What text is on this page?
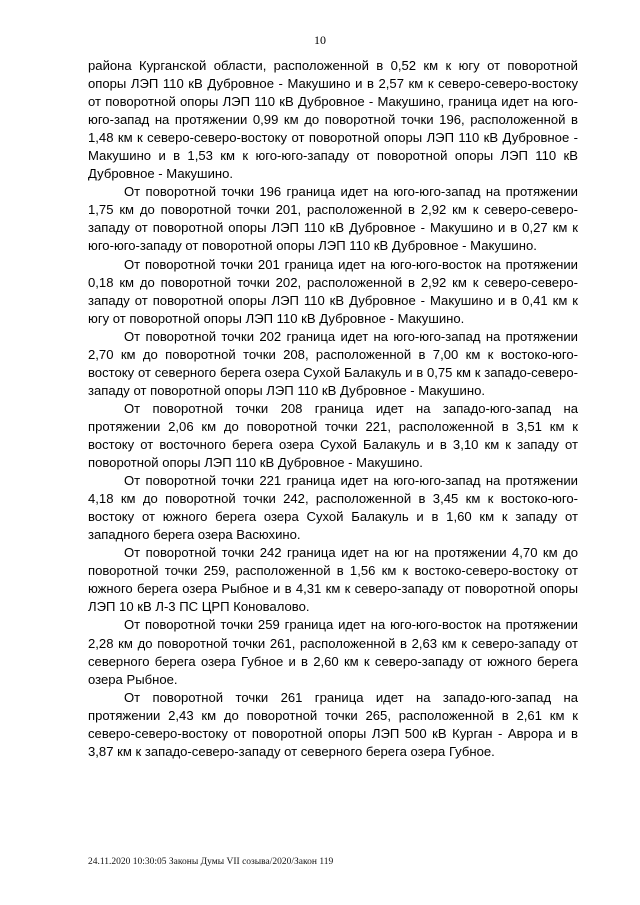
10

района Курганской области, расположенной в 0,52 км к югу от поворотной опоры ЛЭП 110 кВ Дубровное - Макушино и в 2,57 км к северо-северо-востоку от поворотной опоры ЛЭП 110 кВ Дубровное - Макушино, граница идет на юго-юго-запад на протяжении 0,99 км до поворотной точки 196, расположенной в 1,48 км к северо-северо-востоку от поворотной опоры ЛЭП 110 кВ Дубровное - Макушино и в 1,53 км к юго-юго-западу от поворотной опоры ЛЭП 110 кВ Дубровное - Макушино.

От поворотной точки 196 граница идет на юго-юго-запад на протяжении 1,75 км до поворотной точки 201, расположенной в 2,92 км к северо-северо-западу от поворотной опоры ЛЭП 110 кВ Дубровное - Макушино и в 0,27 км к юго-юго-западу от поворотной опоры ЛЭП 110 кВ Дубровное - Макушино.

От поворотной точки 201 граница идет на юго-юго-восток на протяжении 0,18 км до поворотной точки 202, расположенной в 2,92 км к северо-северо-западу от поворотной опоры ЛЭП 110 кВ Дубровное - Макушино и в 0,41 км к югу от поворотной опоры ЛЭП 110 кВ Дубровное - Макушино.

От поворотной точки 202 граница идет на юго-юго-запад на протяжении 2,70 км до поворотной точки 208, расположенной в 7,00 км к востоко-юго-востоку от северного берега озера Сухой Балакуль и в 0,75 км к западо-северо-западу от поворотной опоры ЛЭП 110 кВ Дубровное - Макушино.

От поворотной точки 208 граница идет на западо-юго-запад на протяжении 2,06 км до поворотной точки 221, расположенной в 3,51 км к востоку от восточного берега озера Сухой Балакуль и в 3,10 км к западу от поворотной опоры ЛЭП 110 кВ Дубровное - Макушино.

От поворотной точки 221 граница идет на юго-юго-запад на протяжении 4,18 км до поворотной точки 242, расположенной в 3,45 км к востоко-юго-востоку от южного берега озера Сухой Балакуль и в 1,60 км к западу от западного берега озера Васюхино.

От поворотной точки 242 граница идет на юг на протяжении 4,70 км до поворотной точки 259, расположенной в 1,56 км к востоко-северо-востоку от южного берега озера Рыбное и в 4,31 км к северо-западу от поворотной опоры ЛЭП 10 кВ Л-3 ПС ЦРП Коновалово.

От поворотной точки 259 граница идет на юго-юго-восток на протяжении 2,28 км до поворотной точки 261, расположенной в 2,63 км к северо-западу от северного берега озера Губное и в 2,60 км к северо-западу от южного берега озера Рыбное.

От поворотной точки 261 граница идет на западо-юго-запад на протяжении 2,43 км до поворотной точки 265, расположенной в 2,61 км к северо-северо-востоку от поворотной опоры ЛЭП 500 кВ Курган - Аврора и в 3,87 км к западо-северо-западу от северного берега озера Губное.

24.11.2020 10:30:05 Законы Думы VII созыва/2020/Закон 119
